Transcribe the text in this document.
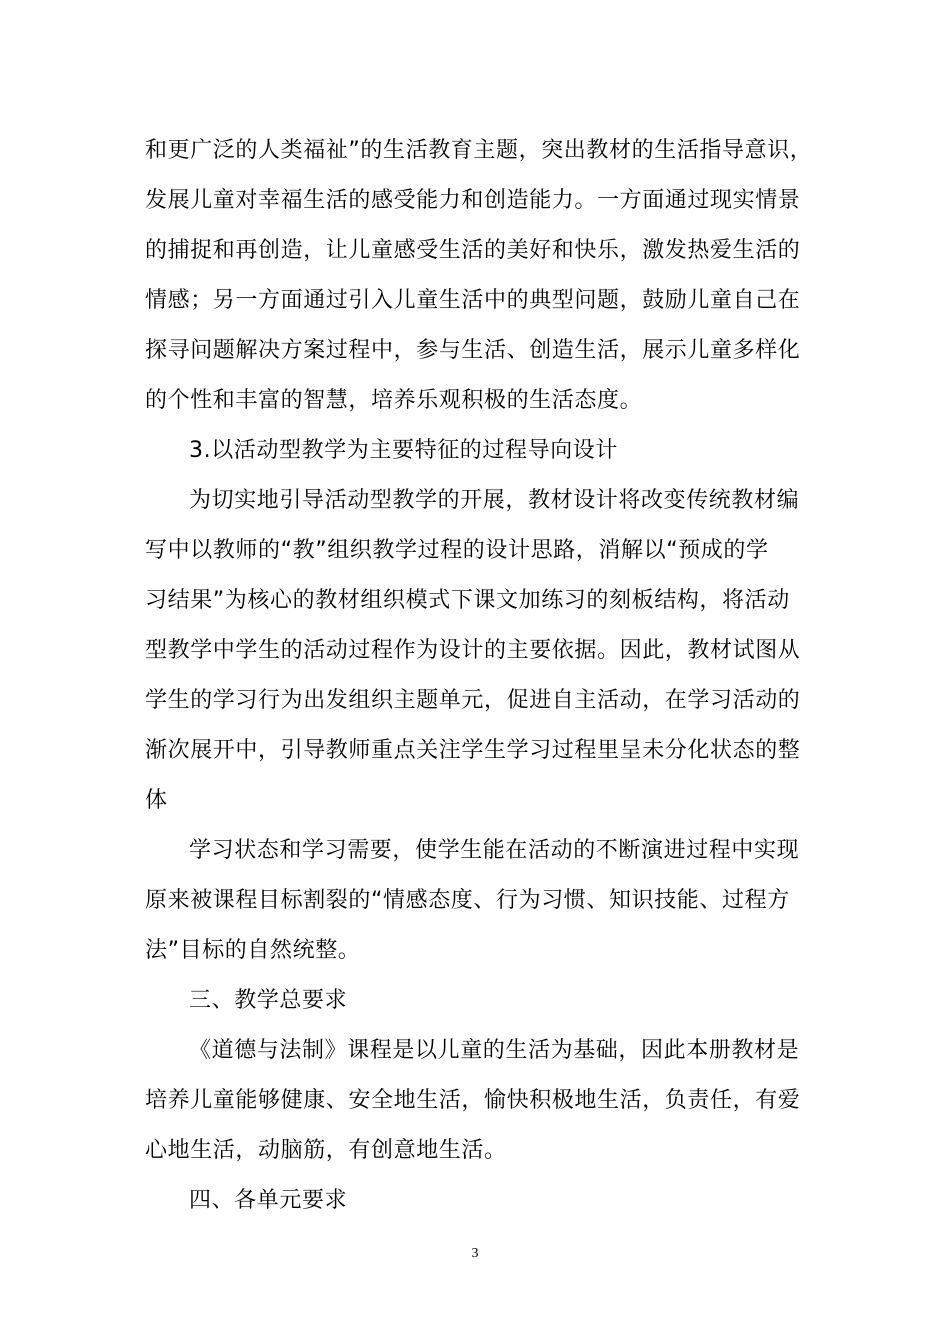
和更广泛的人类福祉”的生活教育主题，突出教材的生活指导意识，
发展儿童对幸福生活的感受能力和创造能力。一方面通过现实情景
的捕捉和再创造，让儿童感受生活的美好和快乐，激发热爱生活的
情感；另一方面通过引入儿童生活中的典型问题，鼓励儿童自己在
探寻问题解决方案过程中，参与生活、创造生活，展示儿童多样化
的个性和丰富的智慧，培养乐观积极的生活态度。
3.以活动型教学为主要特征的过程导向设计
为切实地引导活动型教学的开展，教材设计将改变传统教材编
写中以教师的“教”组织教学过程的设计思路，消解以“预成的学
习结果”为核心的教材组织模式下课文加练习的刻板结构，将活动
型教学中学生的活动过程作为设计的主要依据。因此，教材试图从
学生的学习行为出发组织主题单元，促进自主活动，在学习活动的
渐次展开中，引导教师重点关注学生学习过程里呈未分化状态的整
体
学习状态和学习需要，使学生能在活动的不断演进过程中实现
原来被课程目标割裂的“情感态度、行为习惯、知识技能、过程方
法”目标的自然统整。
三、教学总要求
《道德与法制》课程是以儿童的生活为基础，因此本册教材是
培养儿童能够健康、安全地生活，愉快积极地生活，负责任，有爱
心地生活，动脑筋，有创意地生活。
四、各单元要求
3
